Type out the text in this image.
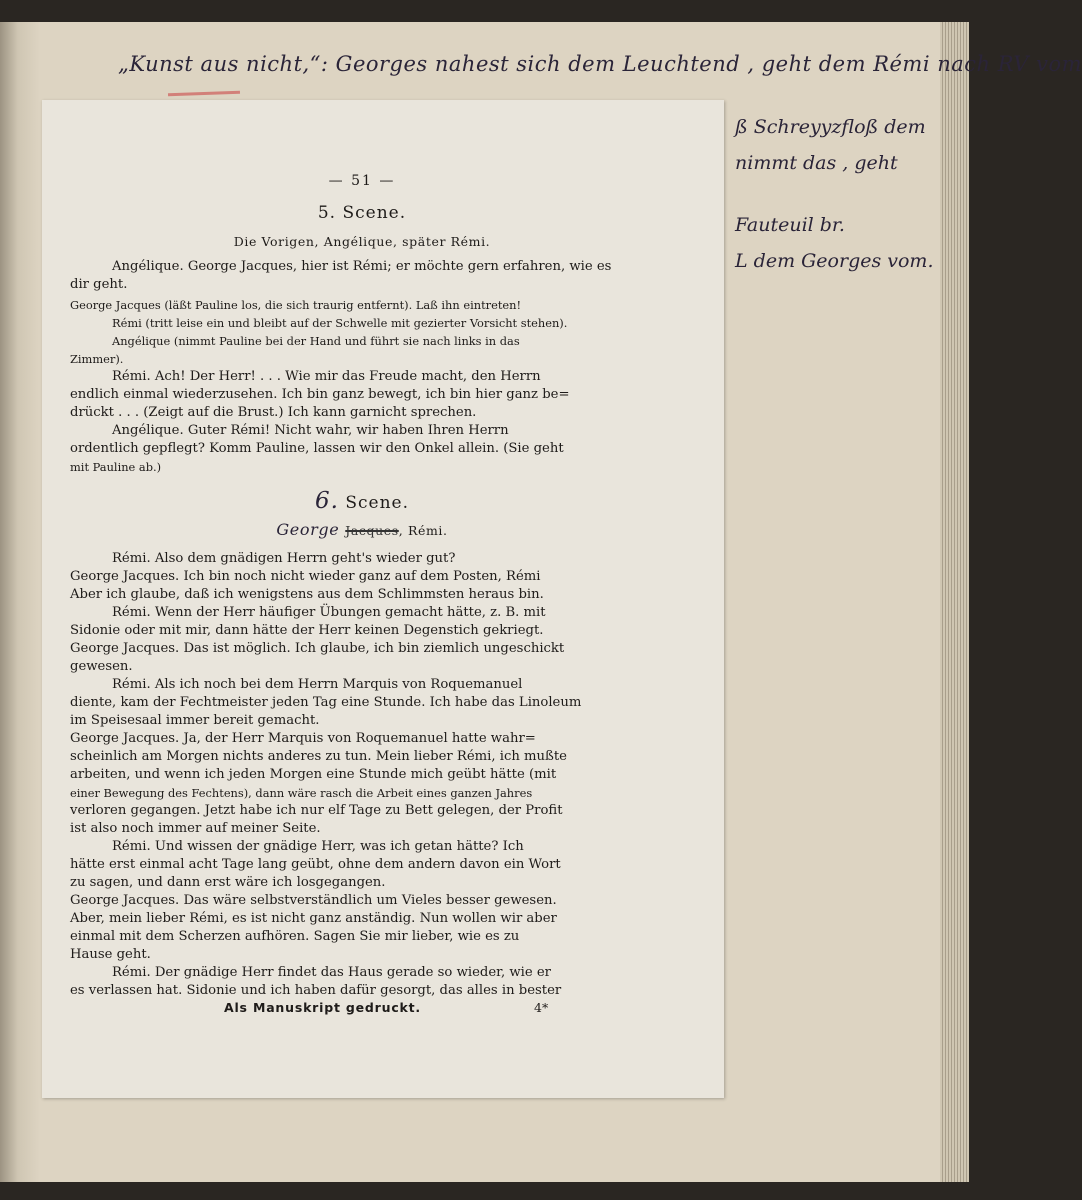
„Kunst aus nicht,“: Georges nahest sich dem Leuchtend , geht dem Rémi nach RV vom
ß Schreyyzfloß dem
nimmt das , geht
Fauteuil br.
L dem Georges vom.
— 51 —
5. Scene.
Die Vorigen, Angélique, später Rémi.
Angélique. George Jacques, hier ist Rémi; er möchte gern erfahren, wie es
dir geht.
George Jacques (läßt Pauline los, die sich traurig entfernt). Laß ihn eintreten!
Rémi (tritt leise ein und bleibt auf der Schwelle mit gezierter Vorsicht stehen).
Angélique (nimmt Pauline bei der Hand und führt sie nach links in das
Zimmer).
Rémi. Ach! Der Herr! . . . Wie mir das Freude macht, den Herrn
endlich einmal wiederzusehen. Ich bin ganz bewegt, ich bin hier ganz be=
drückt . . . (Zeigt auf die Brust.) Ich kann garnicht sprechen.
Angélique. Guter Rémi! Nicht wahr, wir haben Ihren Herrn
ordentlich gepflegt? Komm Pauline, lassen wir den Onkel allein. (Sie geht
mit Pauline ab.)
6. Scene.
George Jacques, Rémi.
Rémi. Also dem gnädigen Herrn geht's wieder gut?
George Jacques. Ich bin noch nicht wieder ganz auf dem Posten, Rémi
Aber ich glaube, daß ich wenigstens aus dem Schlimmsten heraus bin.
Rémi. Wenn der Herr häufiger Übungen gemacht hätte, z. B. mit
Sidonie oder mit mir, dann hätte der Herr keinen Degenstich gekriegt.
George Jacques. Das ist möglich. Ich glaube, ich bin ziemlich ungeschickt
gewesen.
Rémi. Als ich noch bei dem Herrn Marquis von Roquemanuel
diente, kam der Fechtmeister jeden Tag eine Stunde. Ich habe das Linoleum
im Speisesaal immer bereit gemacht.
George Jacques. Ja, der Herr Marquis von Roquemanuel hatte wahr=
scheinlich am Morgen nichts anderes zu tun. Mein lieber Rémi, ich mußte
arbeiten, und wenn ich jeden Morgen eine Stunde mich geübt hätte (mit
einer Bewegung des Fechtens), dann wäre rasch die Arbeit eines ganzen Jahres
verloren gegangen. Jetzt habe ich nur elf Tage zu Bett gelegen, der Profit
ist also noch immer auf meiner Seite.
Rémi. Und wissen der gnädige Herr, was ich getan hätte? Ich
hätte erst einmal acht Tage lang geübt, ohne dem andern davon ein Wort
zu sagen, und dann erst wäre ich losgegangen.
George Jacques. Das wäre selbstverständlich um Vieles besser gewesen.
Aber, mein lieber Rémi, es ist nicht ganz anständig. Nun wollen wir aber
einmal mit dem Scherzen aufhören. Sagen Sie mir lieber, wie es zu
Hause geht.
Rémi. Der gnädige Herr findet das Haus gerade so wieder, wie er
es verlassen hat. Sidonie und ich haben dafür gesorgt, das alles in bester
Als Manuskript gedruckt.	4*
